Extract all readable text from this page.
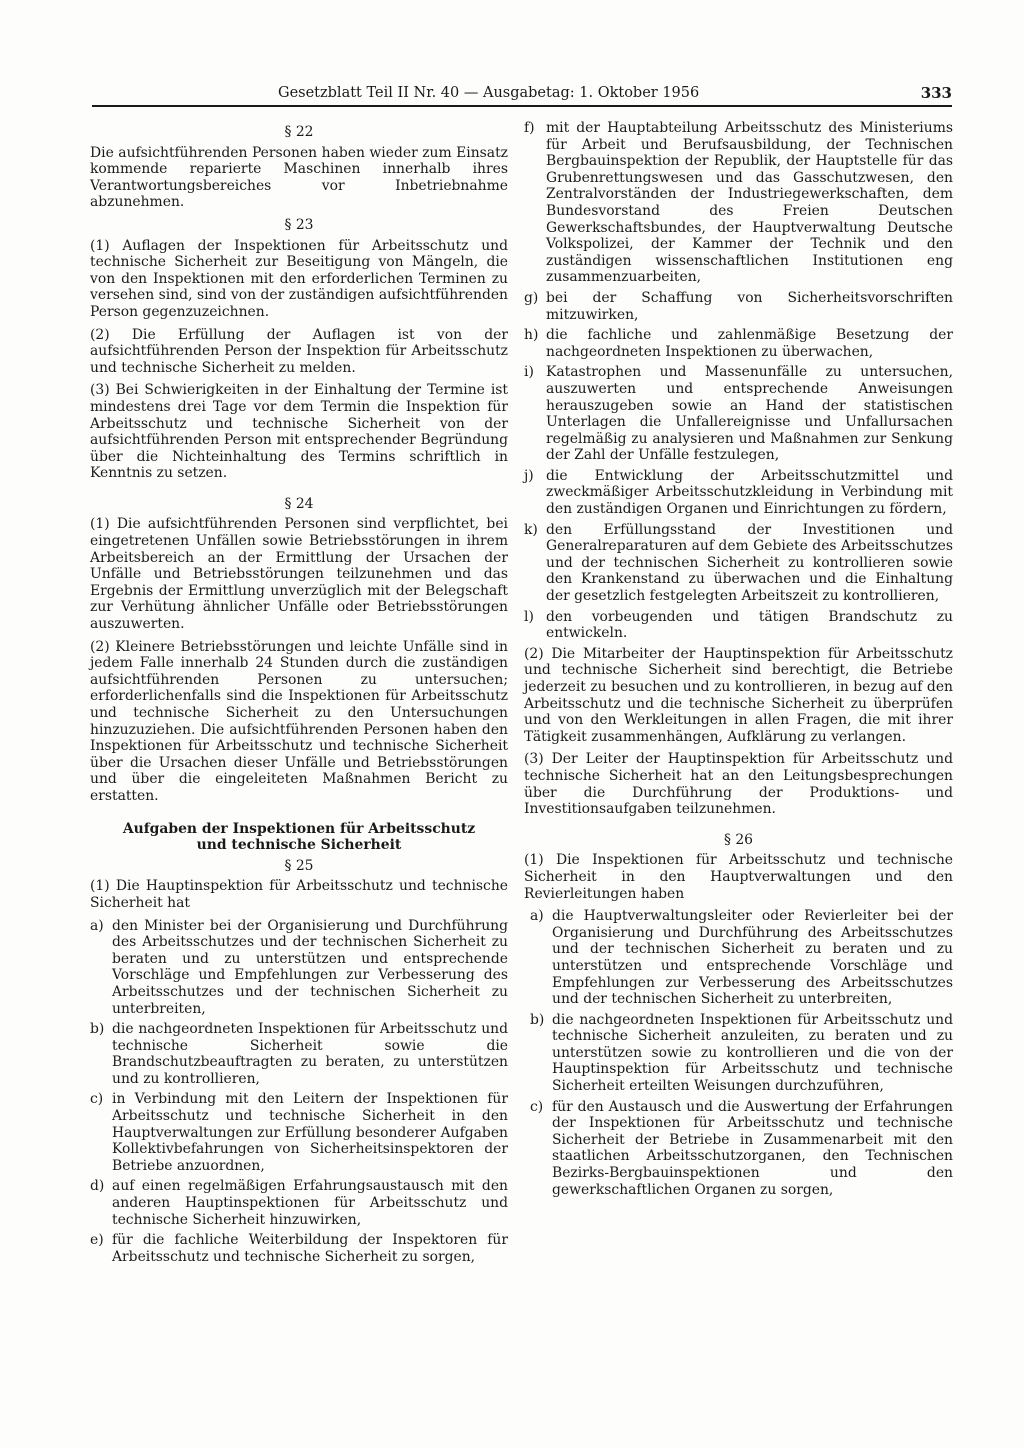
Gesetzblatt Teil II Nr. 40 — Ausgabetag: 1. Oktober 1956	333
§ 22

Die aufsichtführenden Personen haben wieder zum Einsatz kommende reparierte Maschinen innerhalb ihres Verantwortungsbereiches vor Inbetriebnahme abzunehmen.

§ 23

(1) Auflagen der Inspektionen für Arbeitsschutz und technische Sicherheit zur Beseitigung von Mängeln, die von den Inspektionen mit den erforderlichen Terminen zu versehen sind, sind von der zuständigen aufsichtführenden Person gegenzuzeichnen.

(2) Die Erfüllung der Auflagen ist von der aufsichtführenden Person der Inspektion für Arbeitsschutz und technische Sicherheit zu melden.

(3) Bei Schwierigkeiten in der Einhaltung der Termine ist mindestens drei Tage vor dem Termin die Inspektion für Arbeitsschutz und technische Sicherheit von der aufsichtführenden Person mit entsprechender Begründung über die Nichteinhaltung des Termins schriftlich in Kenntnis zu setzen.

§ 24

(1) Die aufsichtführenden Personen sind verpflichtet, bei eingetretenen Unfällen sowie Betriebsstörungen in ihrem Arbeitsbereich an der Ermittlung der Ursachen der Unfälle und Betriebsstörungen teilzunehmen und das Ergebnis der Ermittlung unverzüglich mit der Belegschaft zur Verhütung ähnlicher Unfälle oder Betriebsstörungen auszuwerten.

(2) Kleinere Betriebsstörungen und leichte Unfälle sind in jedem Falle innerhalb 24 Stunden durch die zuständigen aufsichtführenden Personen zu untersuchen; erforderlichenfalls sind die Inspektionen für Arbeitsschutz und technische Sicherheit zu den Untersuchungen hinzuzuziehen. Die aufsichtführenden Personen haben den Inspektionen für Arbeitsschutz und technische Sicherheit über die Ursachen dieser Unfälle und Betriebsstörungen und über die eingeleiteten Maßnahmen Bericht zu erstatten.

Aufgaben der Inspektionen für Arbeitsschutz
und technische Sicherheit
§ 25

(1) Die Hauptinspektion für Arbeitsschutz und technische Sicherheit hat

a) den Minister bei der Organisierung und Durchführung des Arbeitsschutzes und der technischen Sicherheit zu beraten und zu unterstützen und entsprechende Vorschläge und Empfehlungen zur Verbesserung des Arbeitsschutzes und der technischen Sicherheit zu unterbreiten,
b) die nachgeordneten Inspektionen für Arbeitsschutz und technische Sicherheit sowie die Brandschutzbeauftragten zu beraten, zu unterstützen und zu kontrollieren,
c) in Verbindung mit den Leitern der Inspektionen für Arbeitsschutz und technische Sicherheit in den Hauptverwaltungen zur Erfüllung besonderer Aufgaben Kollektivbefahrungen von Sicherheitsinspektoren der Betriebe anzuordnen,
d) auf einen regelmäßigen Erfahrungsaustausch mit den anderen Hauptinspektionen für Arbeitsschutz und technische Sicherheit hinzuwirken,
e) für die fachliche Weiterbildung der Inspektoren für Arbeitsschutz und technische Sicherheit zu sorgen,
f) mit der Hauptabteilung Arbeitsschutz des Ministeriums für Arbeit und Berufsausbildung, der Technischen Bergbauinspektion der Republik, der Hauptstelle für das Grubenrettungswesen und das Gasschutzwesen, den Zentralvorständen der Industriegewerkschaften, dem Bundesvorstand des Freien Deutschen Gewerkschaftsbundes, der Hauptverwaltung Deutsche Volkspolizei, der Kammer der Technik und den zuständigen wissenschaftlichen Institutionen eng zusammenzuarbeiten,
g) bei der Schaffung von Sicherheitsvorschriften mitzuwirken,
h) die fachliche und zahlenmäßige Besetzung der nachgeordneten Inspektionen zu überwachen,
i) Katastrophen und Massenunfälle zu untersuchen, auszuwerten und entsprechende Anweisungen herauszugeben sowie an Hand der statistischen Unterlagen die Unfallereignisse und Unfallursachen regelmäßig zu analysieren und Maßnahmen zur Senkung der Zahl der Unfälle festzulegen,
j) die Entwicklung der Arbeitsschutzmittel und zweckmäßiger Arbeitsschutzkleidung in Verbindung mit den zuständigen Organen und Einrichtungen zu fördern,
k) den Erfüllungsstand der Investitionen und Generalreparaturen auf dem Gebiete des Arbeitsschutzes und der technischen Sicherheit zu kontrollieren sowie den Krankenstand zu überwachen und die Einhaltung der gesetzlich festgelegten Arbeitszeit zu kontrollieren,
l) den vorbeugenden und tätigen Brandschutz zu entwickeln.

(2) Die Mitarbeiter der Hauptinspektion für Arbeitsschutz und technische Sicherheit sind berechtigt, die Betriebe jederzeit zu besuchen und zu kontrollieren, in bezug auf den Arbeitsschutz und die technische Sicherheit zu überprüfen und von den Werkleitungen in allen Fragen, die mit ihrer Tätigkeit zusammenhängen, Aufklärung zu verlangen.

(3) Der Leiter der Hauptinspektion für Arbeitsschutz und technische Sicherheit hat an den Leitungsbesprechungen über die Durchführung der Produktions- und Investitionsaufgaben teilzunehmen.

§ 26

(1) Die Inspektionen für Arbeitsschutz und technische Sicherheit in den Hauptverwaltungen und den Revierleitungen haben

a) die Hauptverwaltungsleiter oder Revierleiter bei der Organisierung und Durchführung des Arbeitsschutzes und der technischen Sicherheit zu beraten und zu unterstützen und entsprechende Vorschläge und Empfehlungen zur Verbesserung des Arbeitsschutzes und der technischen Sicherheit zu unterbreiten,
b) die nachgeordneten Inspektionen für Arbeitsschutz und technische Sicherheit anzuleiten, zu beraten und zu unterstützen sowie zu kontrollieren und die von der Hauptinspektion für Arbeitsschutz und technische Sicherheit erteilten Weisungen durchzuführen,
c) für den Austausch und die Auswertung der Erfahrungen der Inspektionen für Arbeitsschutz und technische Sicherheit der Betriebe in Zusammenarbeit mit den staatlichen Arbeitsschutzorganen, den Technischen Bezirks-Bergbauinspektionen und den gewerkschaftlichen Organen zu sorgen,
